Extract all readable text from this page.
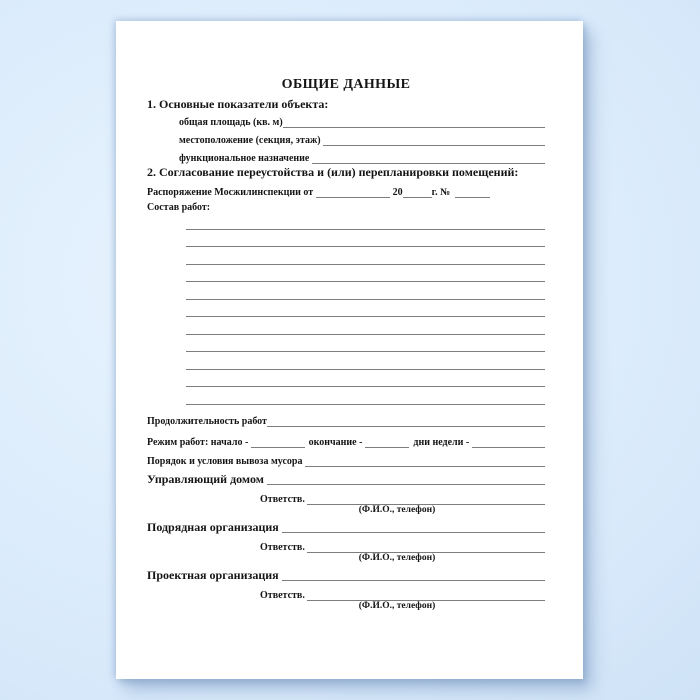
ОБЩИЕ ДАННЫЕ
1. Основные показатели объекта:
общая площадь (кв. м)
местоположение (секция, этаж)
функциональное назначение
2. Согласование переустойства и (или) перепланировки помещений:
Распоряжение Мосжилинспекции от	20	г. №
Состав работ:
Продолжительность работ
Режим работ: начало -	окончание -	дни недели -
Порядок и условия вывоза мусора
Управляющий домом
Ответств.
(Ф.И.О., телефон)
Подрядная организация
Ответств.
(Ф.И.О., телефон)
Проектная организация
Ответств.
(Ф.И.О., телефон)
